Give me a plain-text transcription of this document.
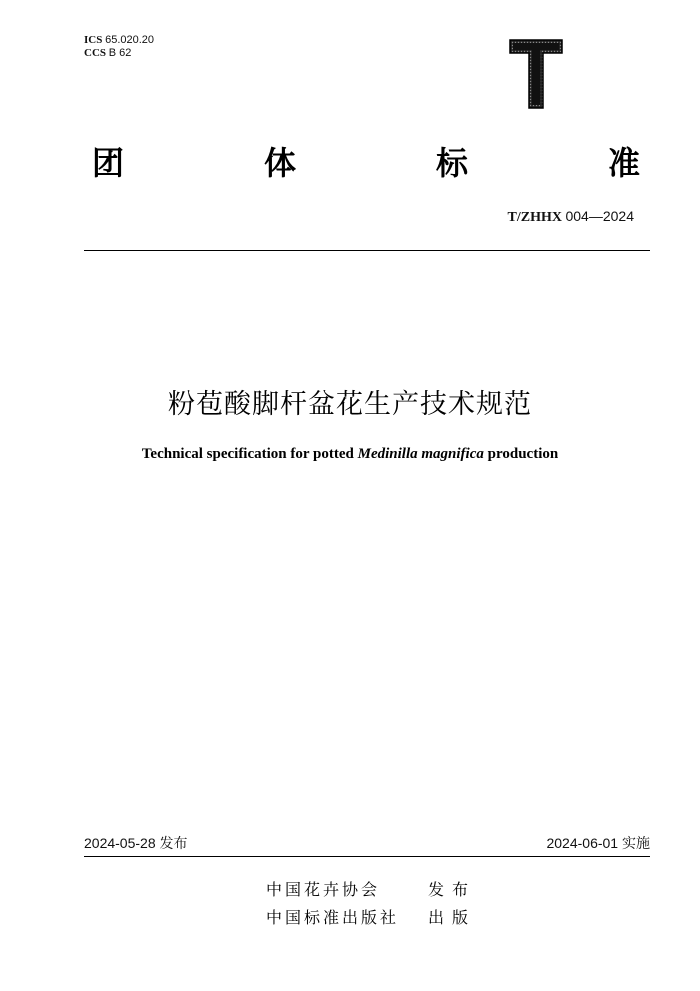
ICS 65.020.20
CCS B 62
团	体	标	准
T/ZHHX 004—2024
粉苞酸脚杆盆花生产技术规范
Technical specification for potted Medinilla magnifica production
2024-05-28 发布	2024-06-01 实施
中国花卉协会	发布
中国标准出版社 出版
